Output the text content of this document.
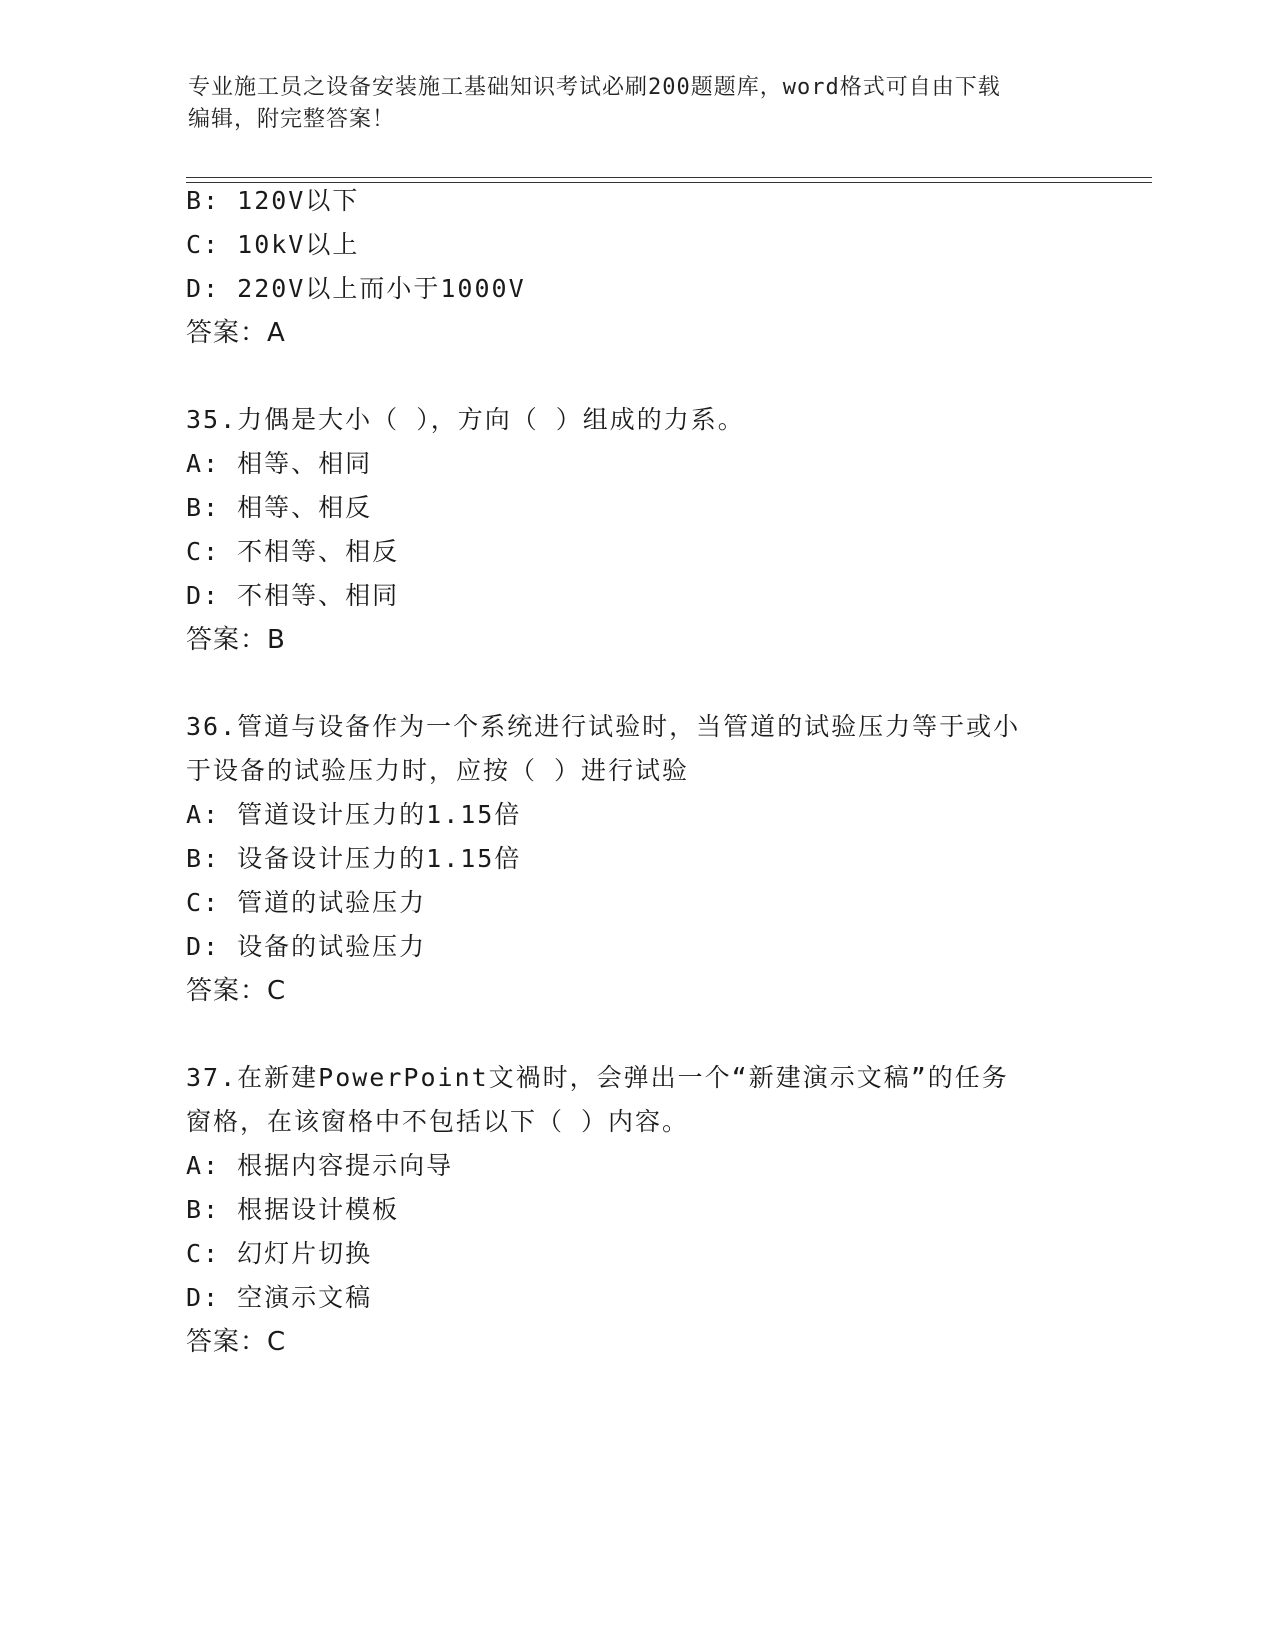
专业施工员之设备安装施工基础知识考试必刷200题题库，word格式可自由下载
编辑，附完整答案！
B: 120V以下
C: 10kV以上
D: 220V以上而小于1000V
答案：A
35.力偶是大小（ ），方向（ ）组成的力系。
A: 相等、相同
B: 相等、相反
C: 不相等、相反
D: 不相等、相同
答案：B
36.管道与设备作为一个系统进行试验时，当管道的试验压力等于或小
于设备的试验压力时，应按（ ）进行试验
A: 管道设计压力的1.15倍
B: 设备设计压力的1.15倍
C: 管道的试验压力
D: 设备的试验压力
答案：C
37.在新建PowerPoint文禍时，会弹出一个“新建演示文稿”的任务
窗格，在该窗格中不包括以下（ ）内容。
A: 根据内容提示向导
B: 根据设计模板
C: 幻灯片切换
D: 空演示文稿
答案：C
